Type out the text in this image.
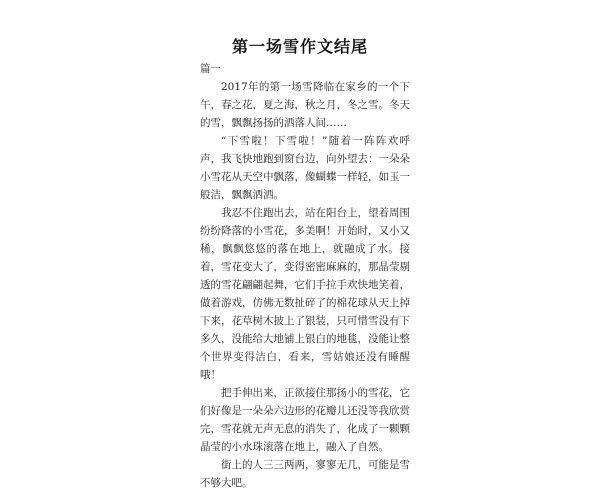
第一场雪作文结尾

篇一

2017年的第一场雪降临在家乡的一个下午，春之花，夏之海，秋之月，冬之雪。冬天的雪，飘飘扬扬的洒落人间……

“下雪啦！下雪啦！”随着一阵阵欢呼声，我飞快地跑到窗台边，向外望去：一朵朵小雪花从天空中飘落，像蝴蝶一样轻，如玉一般洁，飘飘洒洒。

我忍不住跑出去，站在阳台上，望着周围纷纷降落的小雪花，多美啊！开始时，又小又稀，飘飘悠悠的落在地上，就融成了水。接着，雪花变大了，变得密密麻麻的，那晶莹剔透的雪花翩翩起舞，它们手拉手欢快地笑着，做着游戏，仿佛无数扯碎了的棉花球从天上掉下来，花草树木披上了银装，只可惜雪没有下多久，没能给大地铺上银白的地毯，没能让整个世界变得洁白，看来，雪姑娘还没有睡醒哦！

把手伸出来，正欲接住那扬小的雪花，它们好像是一朵朵六边形的花瓣儿还没等我欣赏完，雪花就无声无息的消失了，化成了一颗颗晶莹的小水珠滚落在地上，融入了自然。

街上的人三三两两，寥寥无几，可能是雪不够大吧。
